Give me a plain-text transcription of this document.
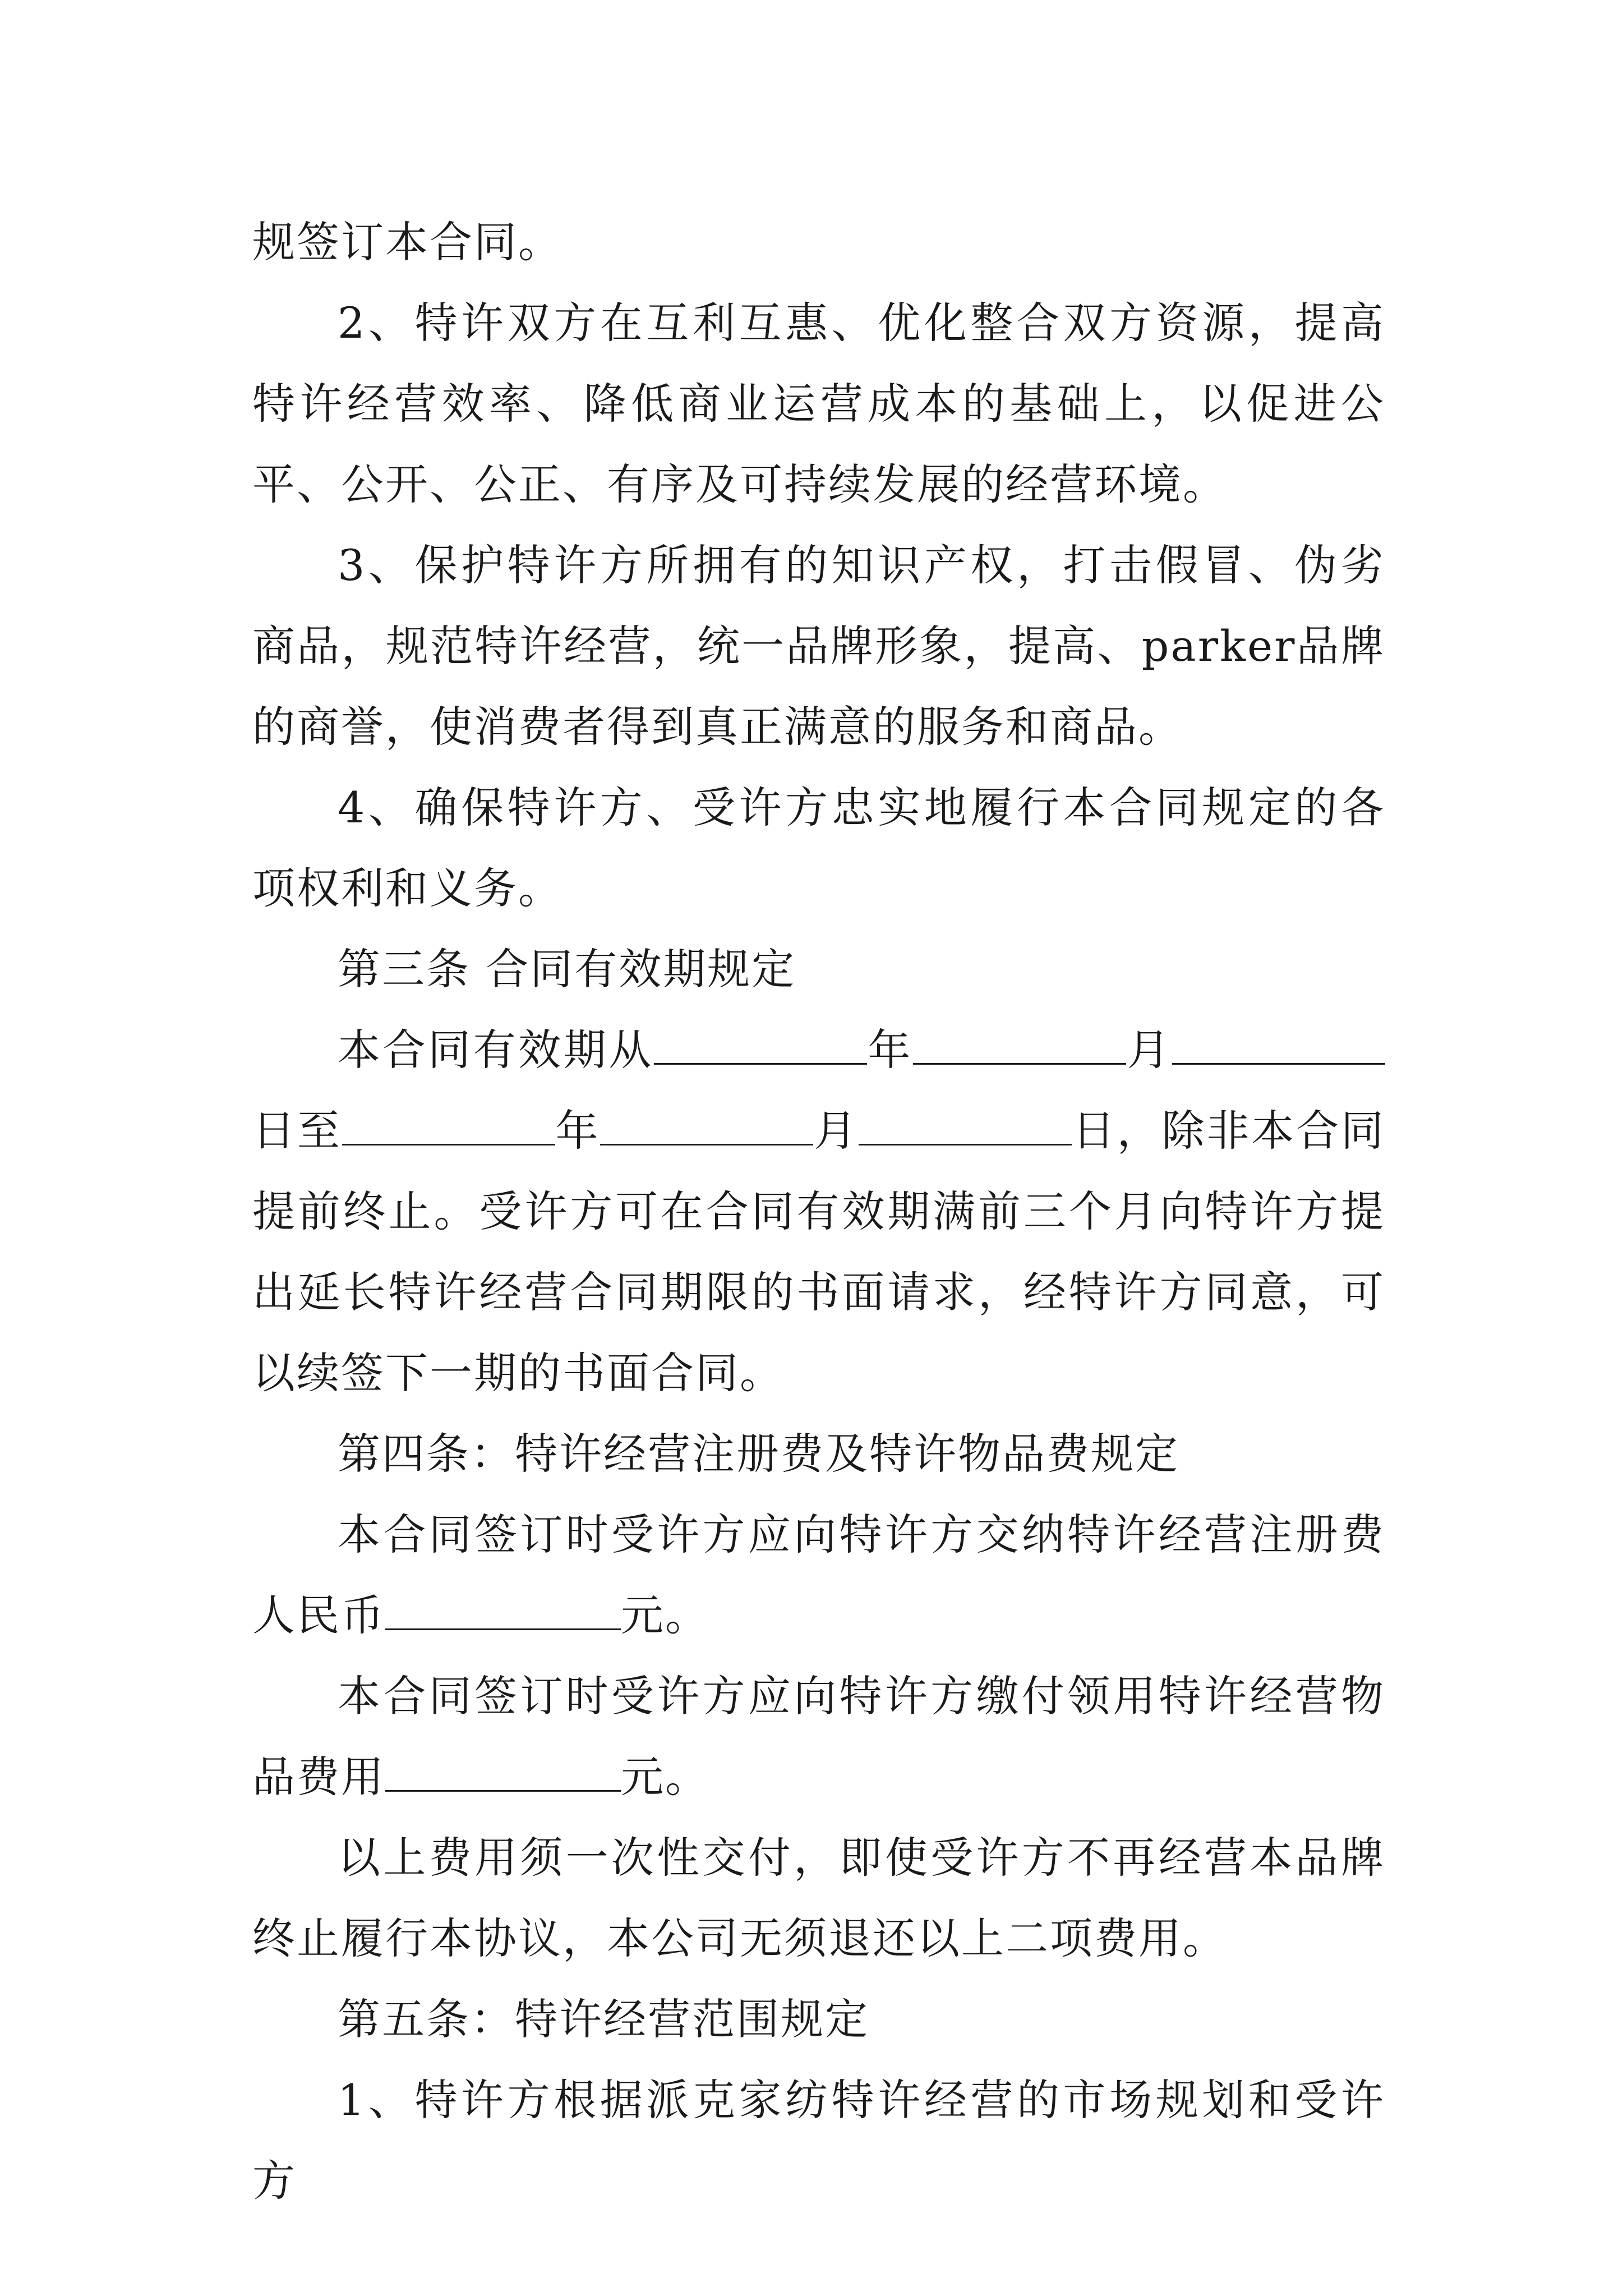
规签订本合同。

2、特许双方在互利互惠、优化整合双方资源，提高特许经营效率、降低商业运营成本的基础上，以促进公平、公开、公正、有序及可持续发展的经营环境。

3、保护特许方所拥有的知识产权，打击假冒、伪劣商品，规范特许经营，统一品牌形象，提高、parker品牌的商誉，使消费者得到真正满意的服务和商品。

4、确保特许方、受许方忠实地履行本合同规定的各项权利和义务。

第三条 合同有效期规定

本合同有效期从	年	月日至	年	月	日，除非本合同提前终止。受许方可在合同有效期满前三个月向特许方提出延长特许经营合同期限的书面请求，经特许方同意，可以续签下一期的书面合同。

第四条：特许经营注册费及特许物品费规定

本合同签订时受许方应向特许方交纳特许经营注册费人民币	元。

本合同签订时受许方应向特许方缴付领用特许经营物品费用	元。

以上费用须一次性交付，即使受许方不再经营本品牌终止履行本协议，本公司无须退还以上二项费用。

第五条：特许经营范围规定

1、特许方根据派克家纺特许经营的市场规划和受许方
